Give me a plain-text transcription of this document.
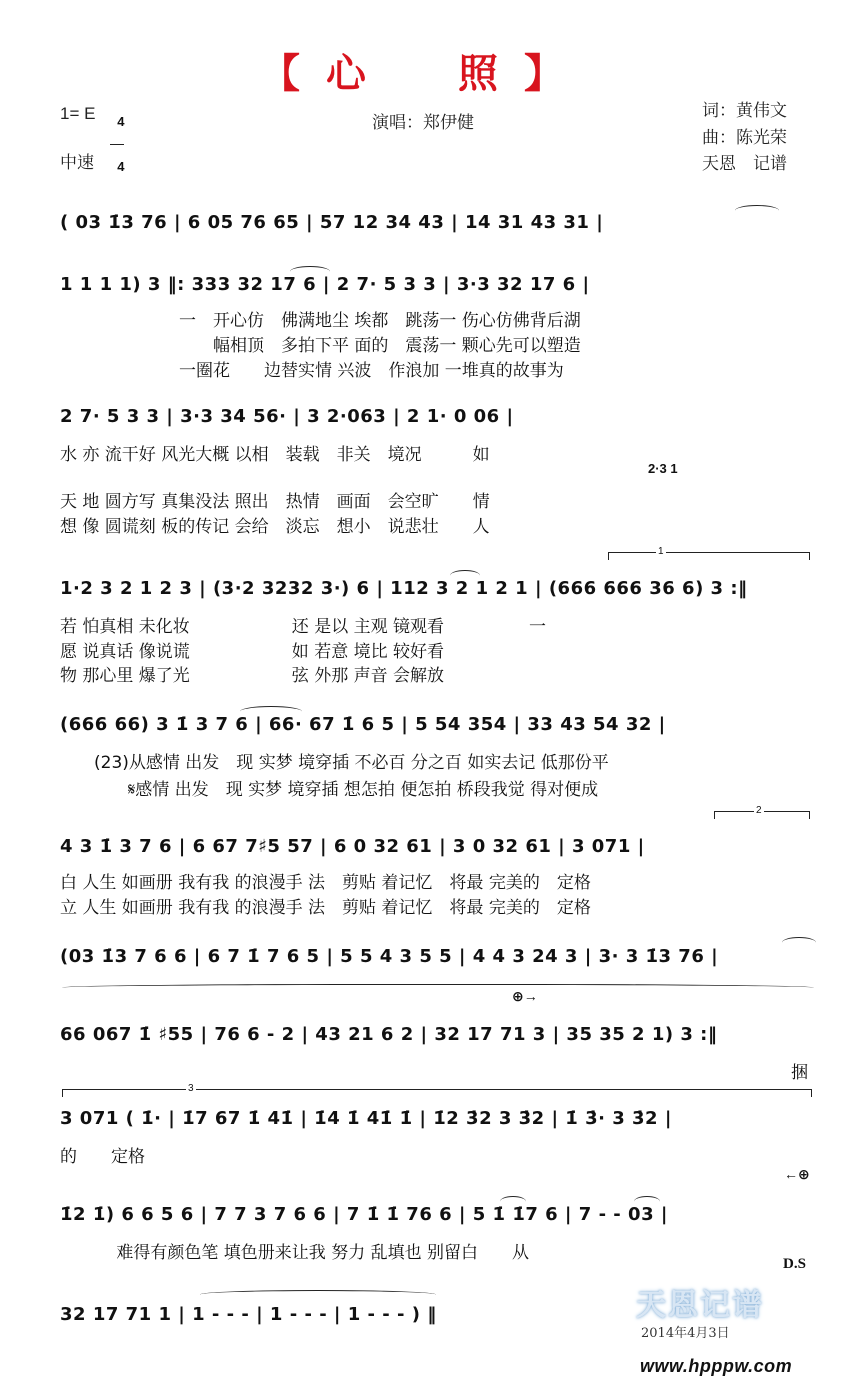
【心　照】
1= E	4

4

中速
演唱：郑伊健
词：黄伟文
曲：陈光荣
天恩　记谱
( 03 1̇3 76 | 6 05 76 65 | 57 12 34 43 | 14 31 43 31 |
1 1 1 1) 3 ‖: 333 32 17 6 | 2 7· 5 3 3 | 3·3 32 17 6 |
　　　　　　　一　开心仿　佛满地尘 埃都　跳荡一 伤心仿佛背后湖
　　　　　　　　　幅相顶　多拍下平 面的　震荡一 颗心先可以塑造
　　　　　　　一圈花　　边替实情 兴波　作浪加 一堆真的故事为
2 7· 5 3 3 | 3·3 34 56· | 3 2·063 | 2 1· 0 06 |
水 亦 流干好 风光大概 以相　装载　非关　境况　　　如
2·3 1
天 地 圆方写 真集没法 照出　热情　画面　会空旷　　情
想 像 圆谎刻 板的传记 会给　淡忘　想小　说悲壮　　人
1
1·2 3 2 1 2 3 | (3·2 3232 3·) 6 | 112 3 2 1 2 1 | (666 666 36 6) 3 :‖
若 怕真相 未化妆　　　　　　还 是以 主观 镜观看　　　　　一
愿 说真话 像说谎　　　　　　如 若意 境比 较好看
物 那心里 爆了光　　　　　　弦 外那 声音 会解放
(666 66) 3 1̇ 3 7 6 | 66· 67 1̇ 6 5 | 5 54 354 | 33 43 54 32 |
　　(23)从感情 出发　现 实梦 境穿插 不必百 分之百 如实去记 低那份平
　　　　𝄋感情 出发　现 实梦 境穿插 想怎拍 便怎拍 桥段我觉 得对便成
2
4 3 1̇ 3 7 6 | 6 67 7♯5 57 | 6 0 32 61 | 3 0 32 61 | 3 071 |
白 人生 如画册 我有我 的浪漫手 法　剪贴 着记忆　将最 完美的　定格
立 人生 如画册 我有我 的浪漫手 法　剪贴 着记忆　将最 完美的　定格
(03 1̇3 7 6 6 | 6 7 1̇ 7 6 5 | 5 5 4 3 5 5 | 4 4 3 24 3 | 3· 3 1̇3 76 |
⊕→
66 067 1̇ ♯55 | 76 6 - 2 | 43 21 6 2 | 32 17 71 3 | 35 35 2 1) 3 :‖
　　　　　　　　　　　　　　　　　　　　　　　　　　　　　　　　　　　　　　　　　　　捆
3
3 071 ( 1̇· | 1̇7 67 1̇ 41̇ | 1̇4 1̇ 41̇ 1̇ | 1̇2 3̇2 3 3̇2 | 1̇ 3̇· 3 3̇2 |
的　　定格
←⊕
1̇2 1̇) 6 6 5 6 | 7 7 3 7 6 6 | 7 1̇ 1̇ 76 6 | 5 1̇ 1̇7 6 | 7 - - 03 |
　　　 难得有颜色笔 填色册来让我 努力 乱填也 别留白　　从
D.S
32 17 71 1 | 1 - - - | 1 - - - | 1 - - - ) ‖	天恩记谱
2014年4月3日
www.hpppw.com
